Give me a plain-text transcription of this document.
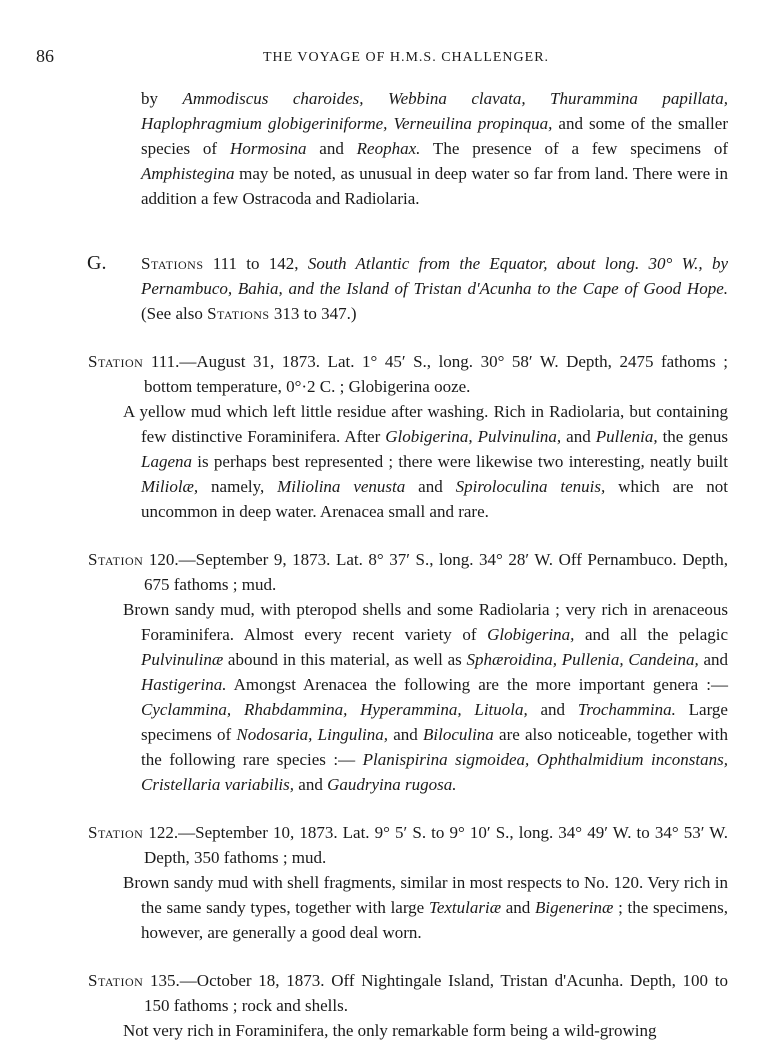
86	THE VOYAGE OF H.M.S. CHALLENGER.

by Ammodiscus charoides, Webbina clavata, Thurammina papillata, Haplophragmium globigeriniforme, Verneuilina propinqua, and some of the smaller species of Hormosina and Reophax. The presence of a few specimens of Amphistegina may be noted, as unusual in deep water so far from land. There were in addition a few Ostracoda and Radiolaria.

G. Stations 111 to 142, South Atlantic from the Equator, about long. 30° W., by Pernambuco, Bahia, and the Island of Tristan d'Acunha to the Cape of Good Hope. (See also Stations 313 to 347.)

Station 111.—August 31, 1873. Lat. 1° 45′ S., long. 30° 58′ W. Depth, 2475 fathoms ; bottom temperature, 0°·2 C. ; Globigerina ooze.

A yellow mud which left little residue after washing. Rich in Radiolaria, but containing few distinctive Foraminifera. After Globigerina, Pulvinulina, and Pullenia, the genus Lagena is perhaps best represented ; there were likewise two interesting, neatly built Miliolæ, namely, Miliolina venusta and Spiroloculina tenuis, which are not uncommon in deep water. Arenacea small and rare.

Station 120.—September 9, 1873. Lat. 8° 37′ S., long. 34° 28′ W. Off Pernambuco. Depth, 675 fathoms ; mud.

Brown sandy mud, with pteropod shells and some Radiolaria ; very rich in arenaceous Foraminifera. Almost every recent variety of Globigerina, and all the pelagic Pulvinulinæ abound in this material, as well as Sphæroidina, Pullenia, Candeina, and Hastigerina. Amongst Arenacea the following are the more important genera :—Cyclammina, Rhabdammina, Hyperammina, Lituola, and Trochammina. Large specimens of Nodosaria, Lingulina, and Biloculina are also noticeable, together with the following rare species :— Planispirina sigmoidea, Ophthalmidium inconstans, Cristellaria variabilis, and Gaudryina rugosa.

Station 122.—September 10, 1873. Lat. 9° 5′ S. to 9° 10′ S., long. 34° 49′ W. to 34° 53′ W. Depth, 350 fathoms ; mud.

Brown sandy mud with shell fragments, similar in most respects to No. 120. Very rich in the same sandy types, together with large Textulariæ and Bigenerinæ ; the specimens, however, are generally a good deal worn.

Station 135.—October 18, 1873. Off Nightingale Island, Tristan d'Acunha. Depth, 100 to 150 fathoms ; rock and shells.

Not very rich in Foraminifera, the only remarkable form being a wild-growing
